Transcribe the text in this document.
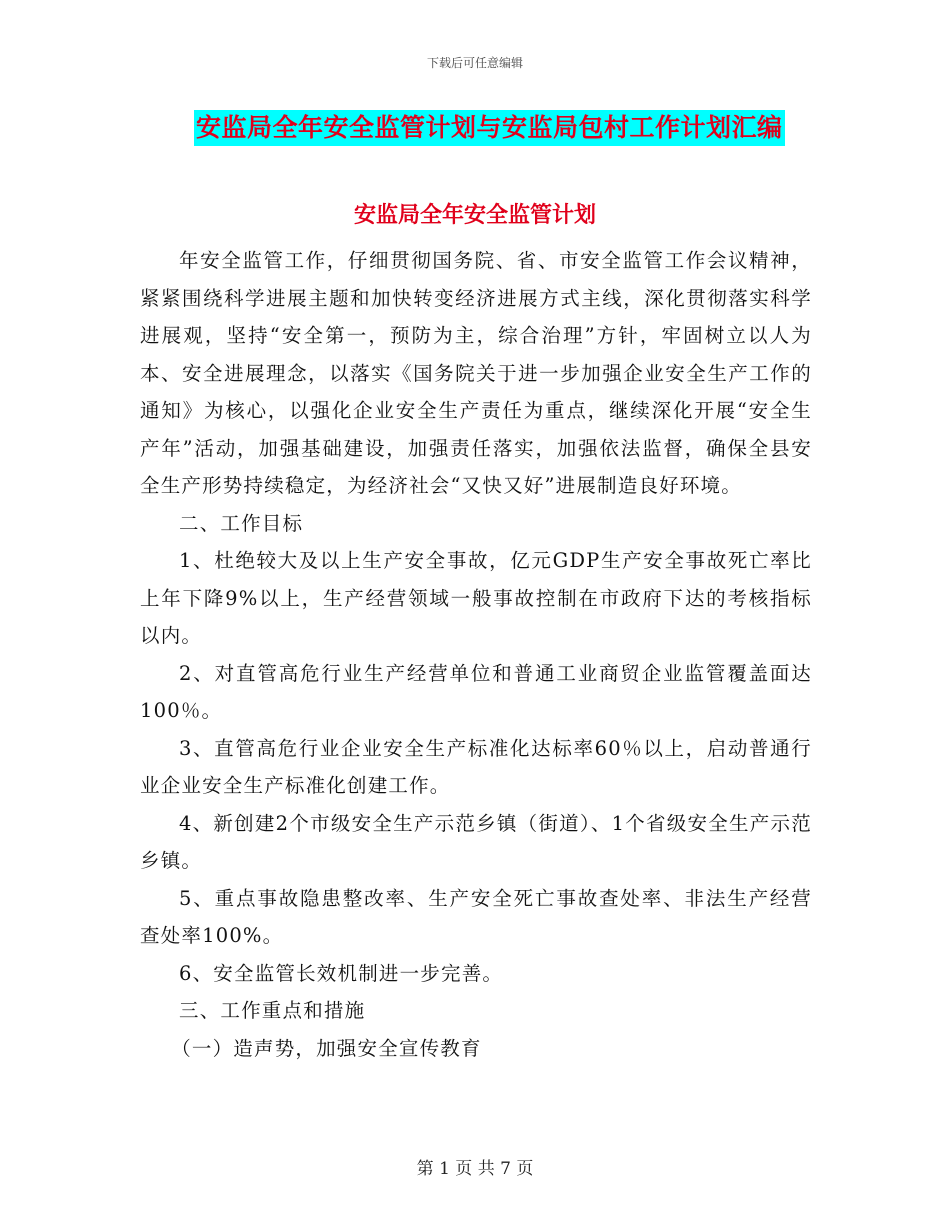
下载后可任意编辑
安监局全年安全监管计划与安监局包村工作计划汇编
安监局全年安全监管计划

年安全监管工作，仔细贯彻国务院、省、市安全监管工作会议精神，紧紧围绕科学进展主题和加快转变经济进展方式主线，深化贯彻落实科学进展观，坚持“安全第一，预防为主，综合治理”方针，牢固树立以人为本、安全进展理念，以落实《国务院关于进一步加强企业安全生产工作的通知》为核心，以强化企业安全生产责任为重点，继续深化开展“安全生产年”活动，加强基础建设，加强责任落实，加强依法监督，确保全县安全生产形势持续稳定，为经济社会“又快又好”进展制造良好环境。

二、工作目标

1、杜绝较大及以上生产安全事故，亿元GDP生产安全事故死亡率比上年下降9%以上，生产经营领域一般事故控制在市政府下达的考核指标以内。

2、对直管高危行业生产经营单位和普通工业商贸企业监管覆盖面达100％。

3、直管高危行业企业安全生产标准化达标率60％以上，启动普通行业企业安全生产标准化创建工作。

4、新创建2个市级安全生产示范乡镇（街道）、1个省级安全生产示范乡镇。

5、重点事故隐患整改率、生产安全死亡事故查处率、非法生产经营查处率100%。

6、安全监管长效机制进一步完善。

三、工作重点和措施

（一）造声势，加强安全宣传教育

第 1 页 共 7 页
